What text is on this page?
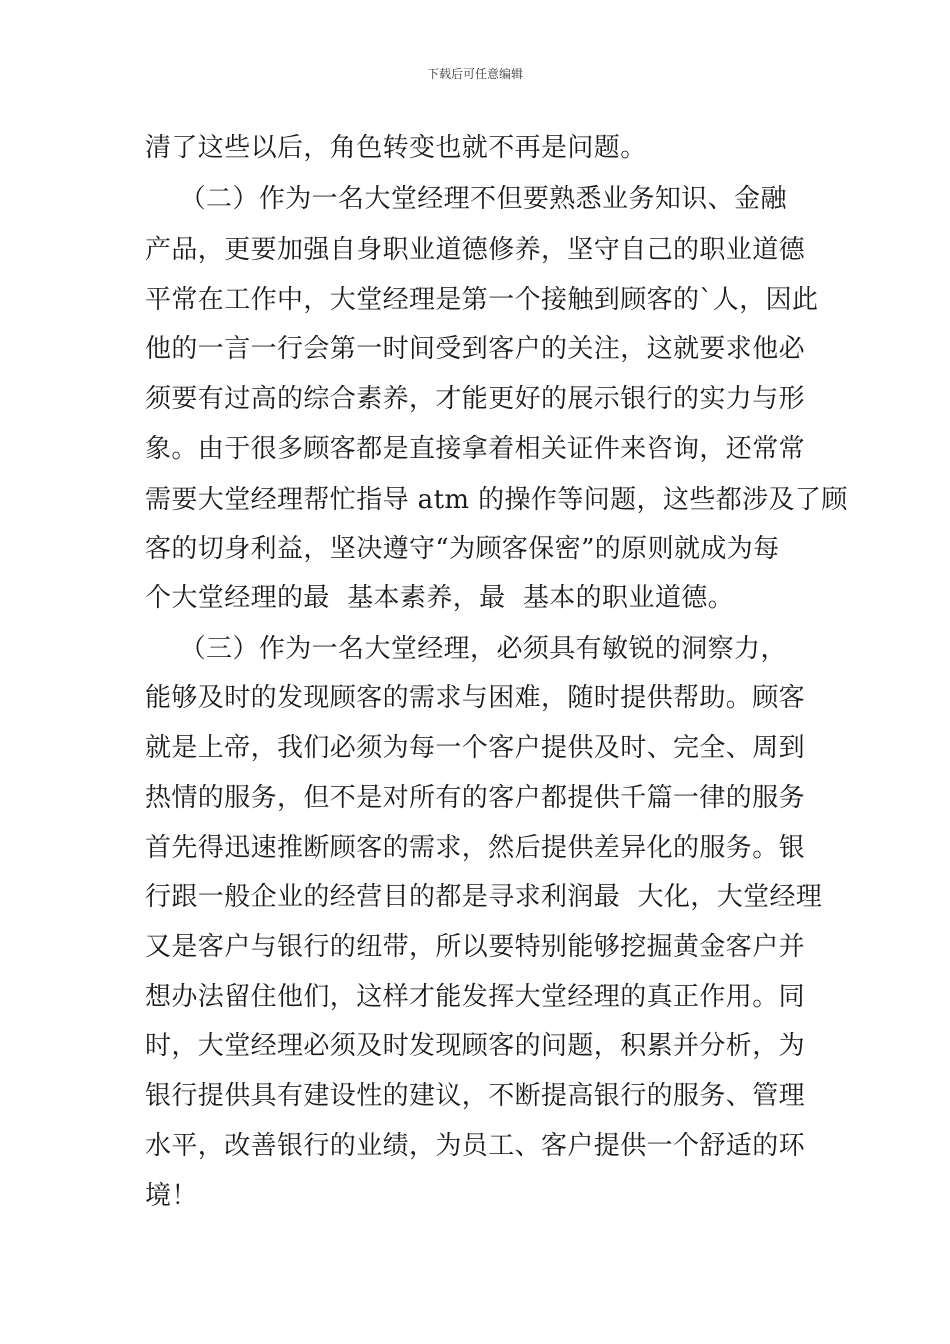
下载后可任意编辑
清了这些以后，角色转变也就不再是问题。
（二）作为一名大堂经理不但要熟悉业务知识、金融
产品，更要加强自身职业道德修养，坚守自己的职业道德
平常在工作中，大堂经理是第一个接触到顾客的`人，因此
他的一言一行会第一时间受到客户的关注，这就要求他必
须要有过高的综合素养，才能更好的展示银行的实力与形
象。由于很多顾客都是直接拿着相关证件来咨询，还常常
需要大堂经理帮忙指导 atm 的操作等问题，这些都涉及了顾
客的切身利益，坚决遵守“为顾客保密”的原则就成为每
个大堂经理的最  基本素养，最  基本的职业道德。
（三）作为一名大堂经理，必须具有敏锐的洞察力，
能够及时的发现顾客的需求与困难，随时提供帮助。顾客
就是上帝，我们必须为每一个客户提供及时、完全、周到
热情的服务，但不是对所有的客户都提供千篇一律的服务
首先得迅速推断顾客的需求，然后提供差异化的服务。银
行跟一般企业的经营目的都是寻求利润最  大化，大堂经理
又是客户与银行的纽带，所以要特别能够挖掘黄金客户并
想办法留住他们，这样才能发挥大堂经理的真正作用。同
时，大堂经理必须及时发现顾客的问题，积累并分析，为
银行提供具有建设性的建议，不断提高银行的服务、管理
水平，改善银行的业绩，为员工、客户提供一个舒适的环
境！
